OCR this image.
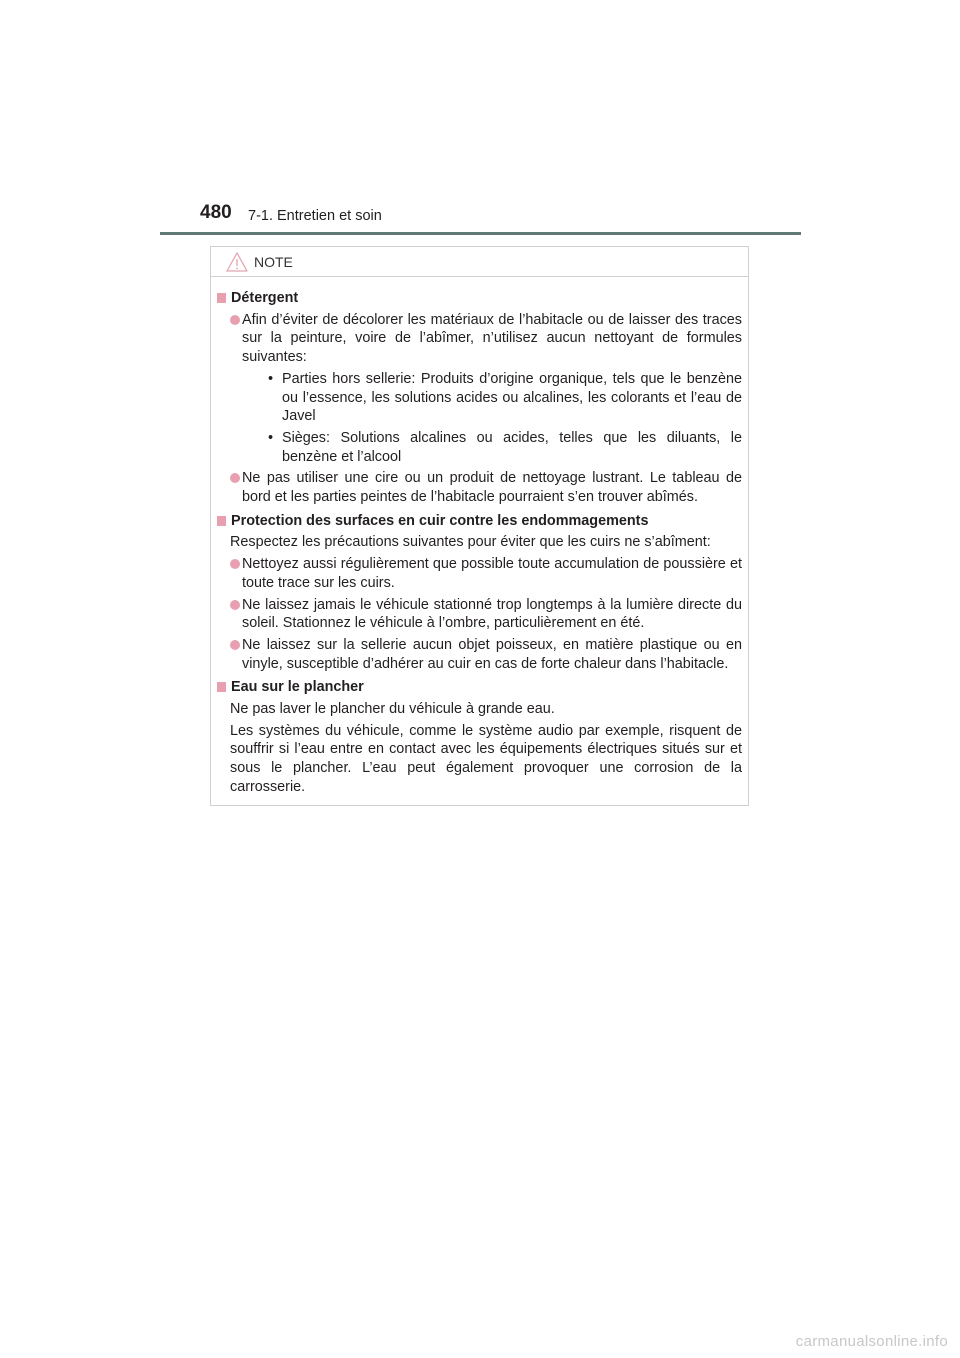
480 7-1. Entretien et soin
NOTE
Détergent
Afin d’éviter de décolorer les matériaux de l’habitacle ou de laisser des traces sur la peinture, voire de l’abîmer, n’utilisez aucun nettoyant de formules suivantes:
• Parties hors sellerie: Produits d’origine organique, tels que le benzène ou l’essence, les solutions acides ou alcalines, les colorants et l’eau de Javel
• Sièges: Solutions alcalines ou acides, telles que les diluants, le benzène et l’alcool
Ne pas utiliser une cire ou un produit de nettoyage lustrant. Le tableau de bord et les parties peintes de l’habitacle pourraient s’en trouver abîmés.
Protection des surfaces en cuir contre les endommagements
Respectez les précautions suivantes pour éviter que les cuirs ne s’abîment:
Nettoyez aussi régulièrement que possible toute accumulation de poussière et toute trace sur les cuirs.
Ne laissez jamais le véhicule stationné trop longtemps à la lumière directe du soleil. Stationnez le véhicule à l’ombre, particulièrement en été.
Ne laissez sur la sellerie aucun objet poisseux, en matière plastique ou en vinyle, susceptible d’adhérer au cuir en cas de forte chaleur dans l’habitacle.
Eau sur le plancher
Ne pas laver le plancher du véhicule à grande eau.
Les systèmes du véhicule, comme le système audio par exemple, risquent de souffrir si l’eau entre en contact avec les équipements électriques situés sur et sous le plancher. L’eau peut également provoquer une corrosion de la carrosserie.
carmanualsonline.info
